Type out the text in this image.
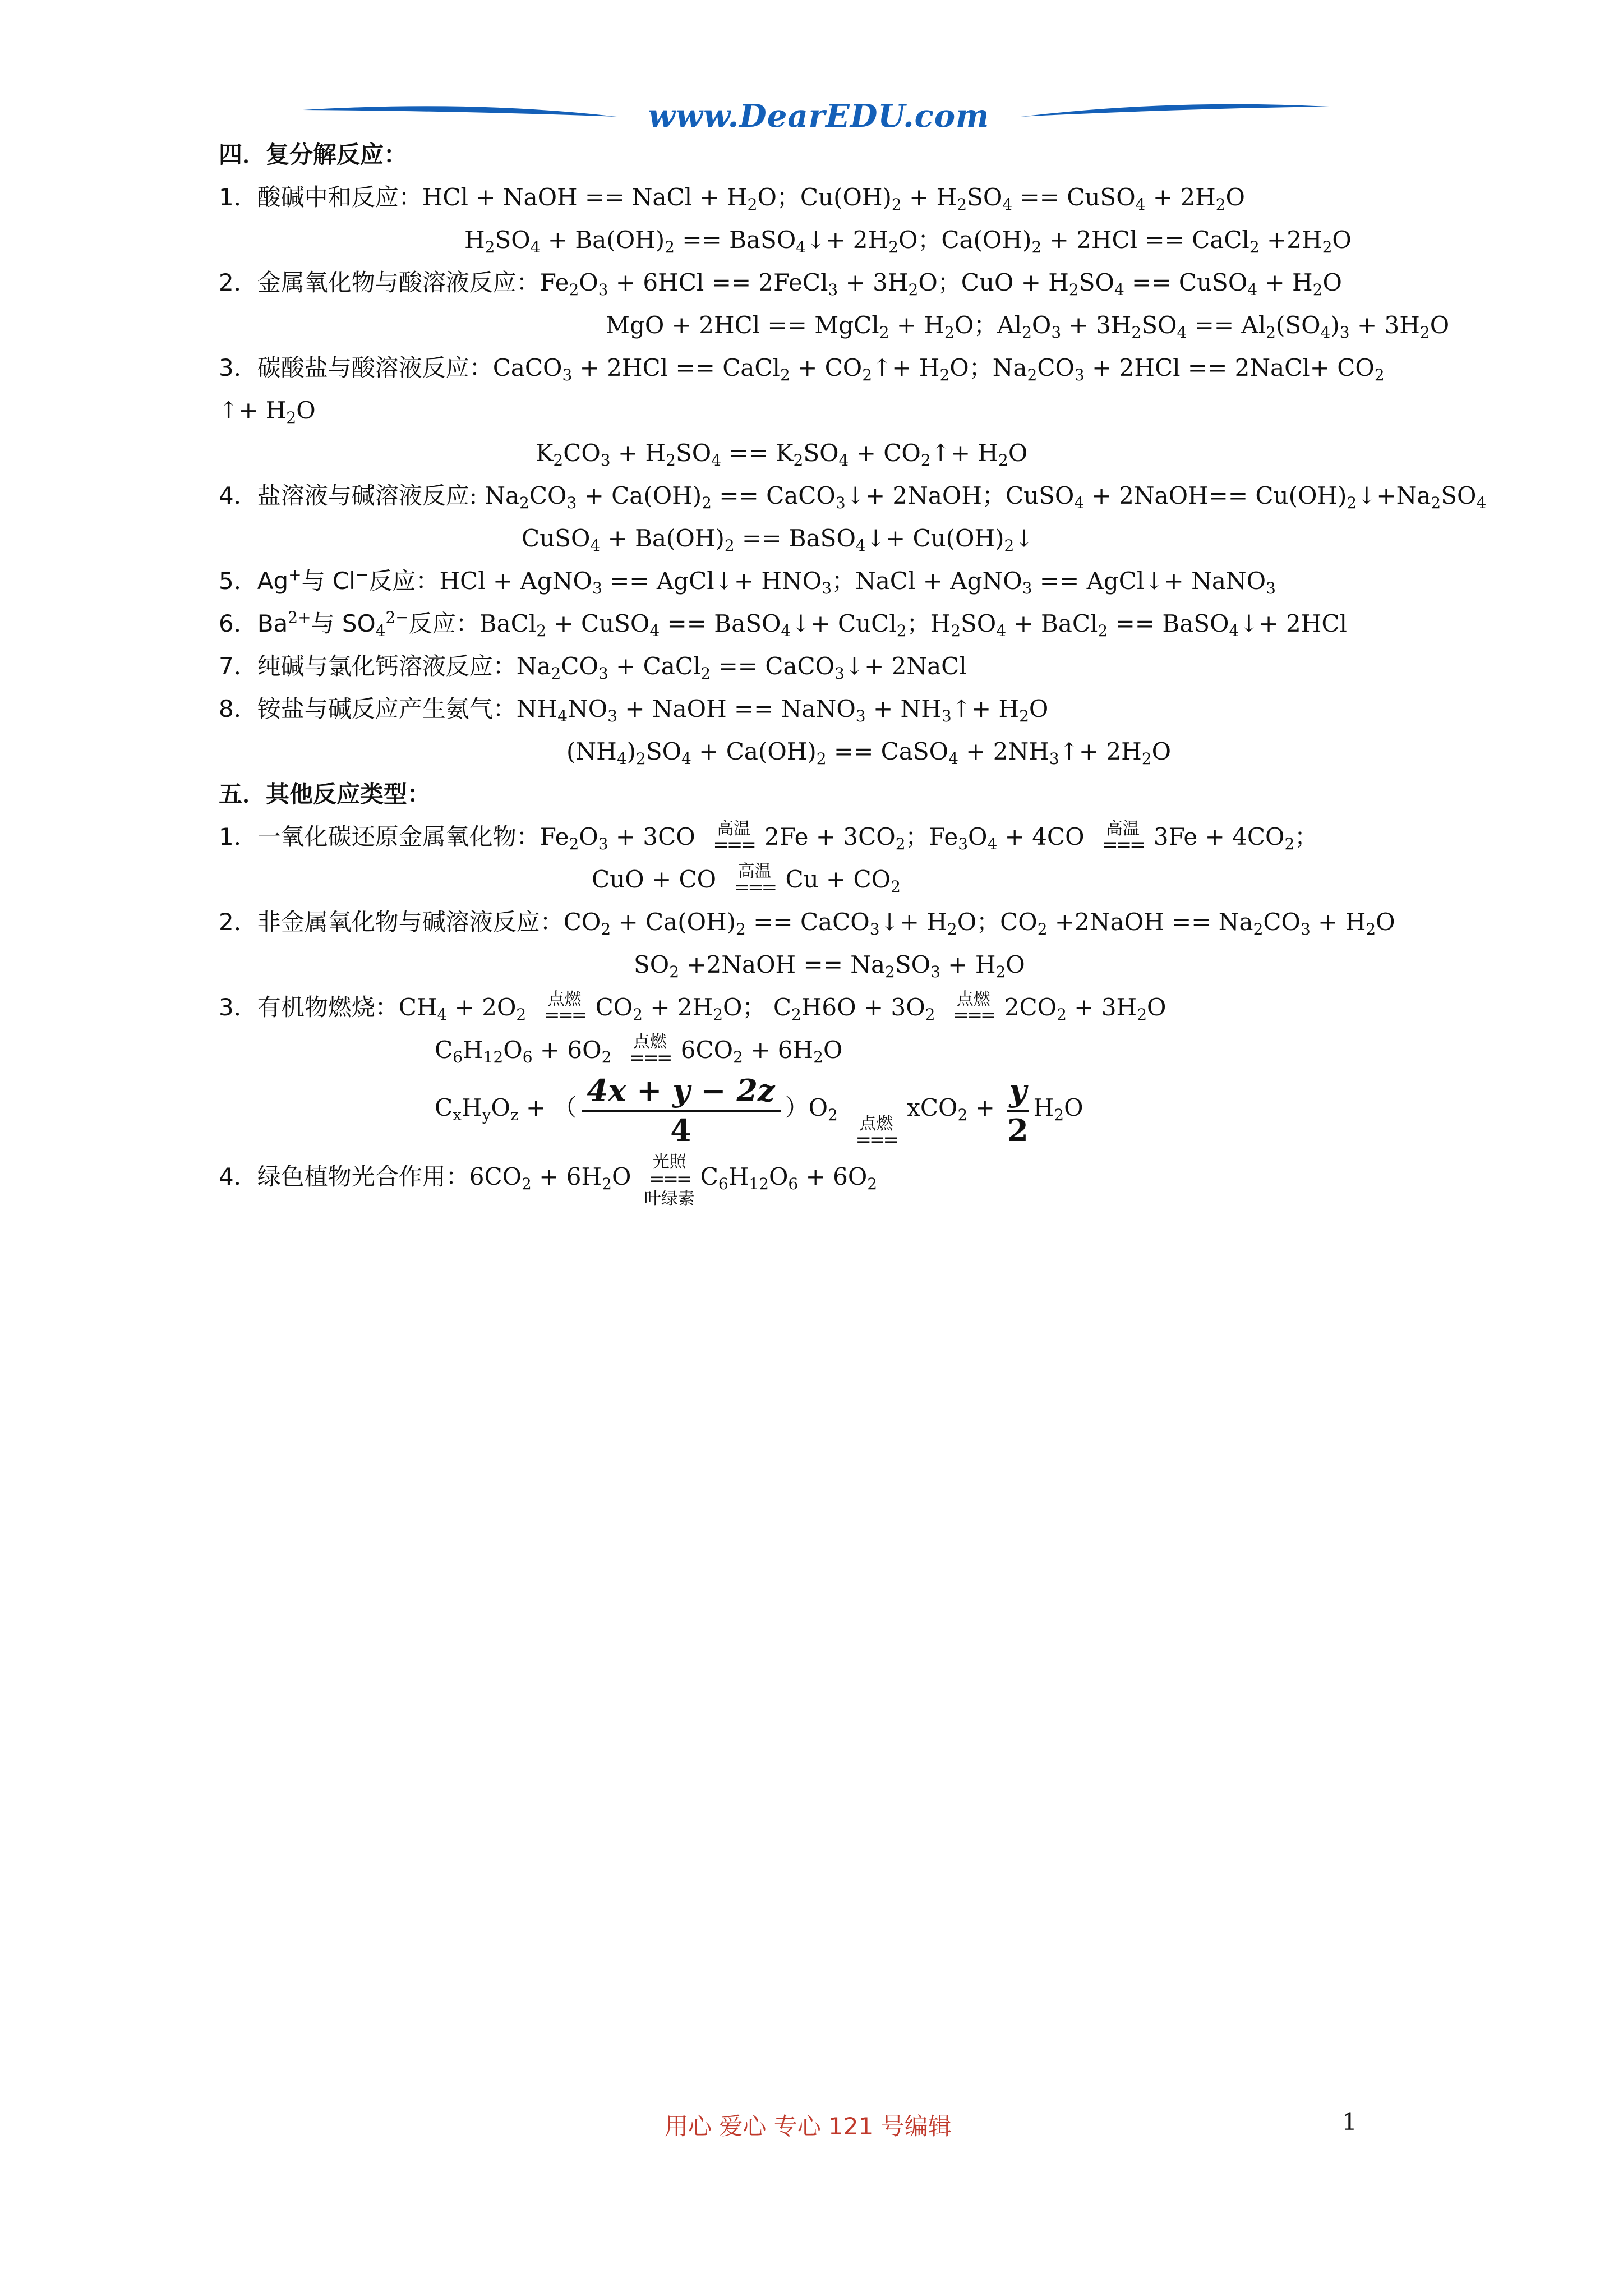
www.DearEDU.com
四．复分解反应：
1．酸碱中和反应：HCl + NaOH == NaCl + $H_2O$；$Cu(OH)_2 + H_2SO_4$ == CuSO$_4$ + $2H_2O$
$H_2SO_4 + Ba(OH)_2$ == BaSO$_4$↓+ $2H_2O$；$Ca(OH)_2 + 2HCl$ == CaCl$_2$ $+2H_2O$
2．金属氧化物与酸溶液反应：$Fe_2O_3 + 6HCl$ == 2FeCl$_3$ + $3H_2O$；CuO + $H_2SO_4$ == CuSO$_4$ + $H_2O$
MgO + 2HCl == MgCl$_2$ + $H_2O$；$Al_2O_3 + 3H_2SO_4 == Al_2(SO_4)_3 + 3H_2O$
3．碳酸盐与酸溶液反应：CaCO$_3$ + 2HCl == CaCl$_2$ + $CO_2↑+ H_2O$；$Na_2CO_3 + 2HCl$ == 2NaCl+ $CO_2$
↑+ $H_2O$
$K_2CO_3 + H_2SO_4 == K_2SO_4$ + $CO_2↑+ H_2O$
4．盐溶液与碱溶液反应: $Na_2CO_3 + Ca(OH)_2$ == CaCO$_3$↓+ 2NaOH；CuSO$_4$ + 2NaOH== $Cu(OH)_2↓+Na_2SO_4$
CuSO$_4$ + $Ba(OH)_2$ == BaSO$_4$↓+ $Cu(OH)_2↓$
5．Ag+与 Cl−反应：HCl + AgNO$_3$ == AgCl↓+ $HNO_3$；NaCl + AgNO$_3$ == AgCl↓+ NaNO$_3$
6．$Ba^{2+}$与 $SO_4^{2-}$反应：BaCl$_2$ + CuSO$_4$ == BaSO$_4$↓+ CuCl$_2$；$H_2SO_4$ + BaCl$_2$ == BaSO$_4$↓+ 2HCl
7．纯碱与氯化钙溶液反应：$Na_2CO_3$ + CaCl$_2$ == CaCO$_3$↓+ 2NaCl
8．铵盐与碱反应产生氨气：$NH_4NO_3$ + NaOH == NaNO$_3$ + $NH_3↑+ H_2O$
$(NH_4)_2SO_4 + Ca(OH)_2$ == CaSO$_4$ + $2NH_3↑+ 2H_2O$
五．其他反应类型：
1．一氧化碳还原金属氧化物：$Fe_2O_3 + 3CO$ 高温
=== $2Fe + 3CO_2$；$Fe_3O_4 + 4CO$ 高温
=== $3Fe + 4CO_2$；
CuO + CO 高温
=== $Cu + CO_2$
2．非金属氧化物与碱溶液反应：$CO_2 + Ca(OH)_2$ == CaCO$_3$↓+ $H_2O$；$CO_2$ +2NaOH == $Na_2CO_3 + H_2O$
$SO_2$ +2NaOH == $Na_2SO_3 + H_2O$
3．有机物燃烧：$CH_4 + 2O_2$
点燃
=== $CO_2 + 2H_2O$； $C_2H6O + 3O_2$
点燃
=== $2CO_2 + 3H_2O$
$C_6H_{12}O_6 + 6O_2$
点燃
=== $6CO_2 + 6H_2O$
$C_xH_yO_z$ + （ $\frac{4x + y - 2z}{4} )O_2$	点燃
===
$xCO_2 + \frac{y}{2} H_2O$
4．绿色植物光合作用：$6CO_2 + 6H_2O$
光照
===
叶绿素
$C_6H_{12}O_6 + 6O_2$
用心 爱心 专心 121 号编辑	1
